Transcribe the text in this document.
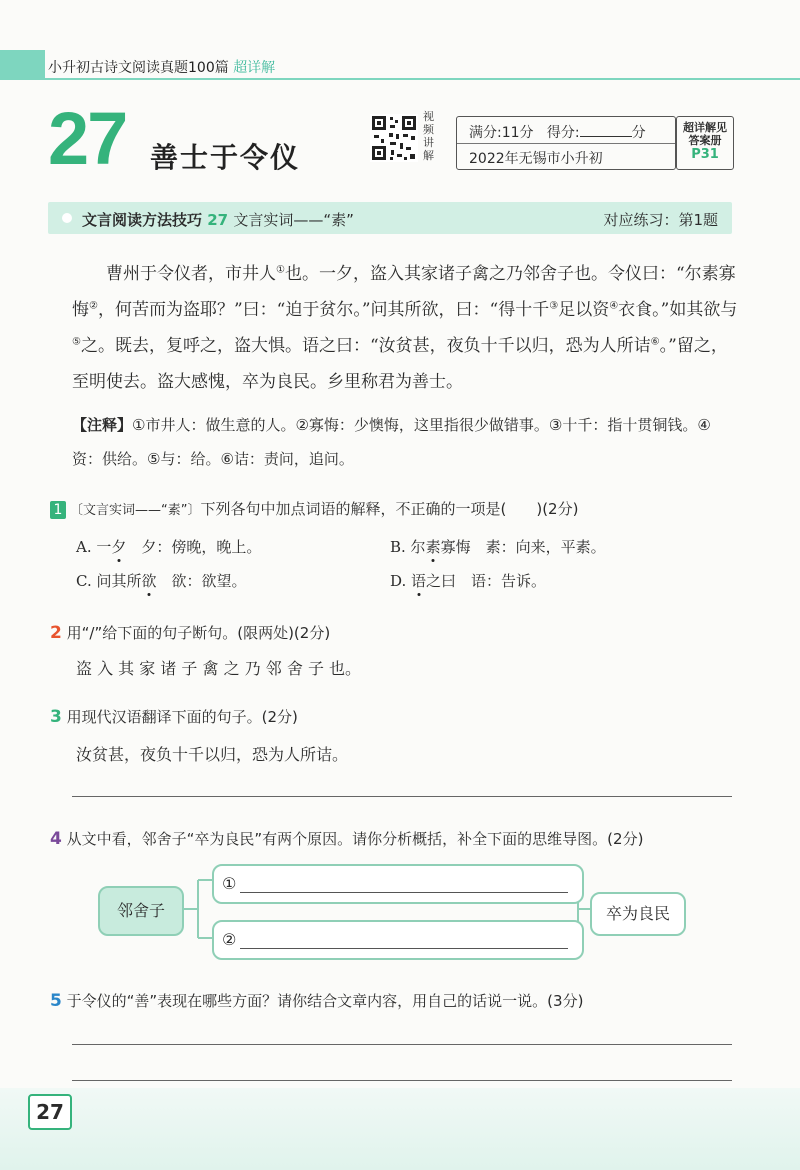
小升初古诗文阅读真题100篇 超详解
27 善士于令仪
视频讲解
满分:11分 得分:	分
2022年无锡市小升初
超详解见
答案册
P31
文言阅读方法技巧 27 文言实词——“素”	对应练习：第1题
曹州于令仪者，市井人①也。一夕，盗入其家诸子禽之乃邻舍子也。令仪曰：“尔素寡悔②，何苦而为盗耶？”曰：“迫于贫尔。”问其所欲，曰：“得十千③足以资④衣食。”如其欲与⑤之。既去，复呼之，盗大惧。语之曰：“汝贫甚，夜负十千以归，恐为人所诘⑥。”留之，至明使去。盗大感愧，卒为良民。乡里称君为善士。
【注释】①市井人：做生意的人。②寡悔：少懊悔，这里指很少做错事。③十千：指十贯铜钱。④资：供给。⑤与：给。⑥诘：责问，追问。
1 〔文言实词——“素”〕下列各句中加点词语的解释，不正确的一项是(　　)(2分)
A. 一夕　夕：傍晚，晚上。	B. 尔素寡悔　素：向来，平素。
C. 问其所欲　欲：欲望。	D. 语之曰　语：告诉。
2 用“/”给下面的句子断句。(限两处)(2分)
盗 入 其 家 诸 子 禽 之 乃 邻 舍 子 也。
3 用现代汉语翻译下面的句子。(2分)
汝贫甚，夜负十千以归，恐为人所诘。
4 从文中看，邻舍子“卒为良民”有两个原因。请你分析概括，补全下面的思维导图。(2分)
邻舍子
①
②
卒为良民
5 于令仪的“善”表现在哪些方面？请你结合文章内容，用自己的话说一说。(3分)
27
